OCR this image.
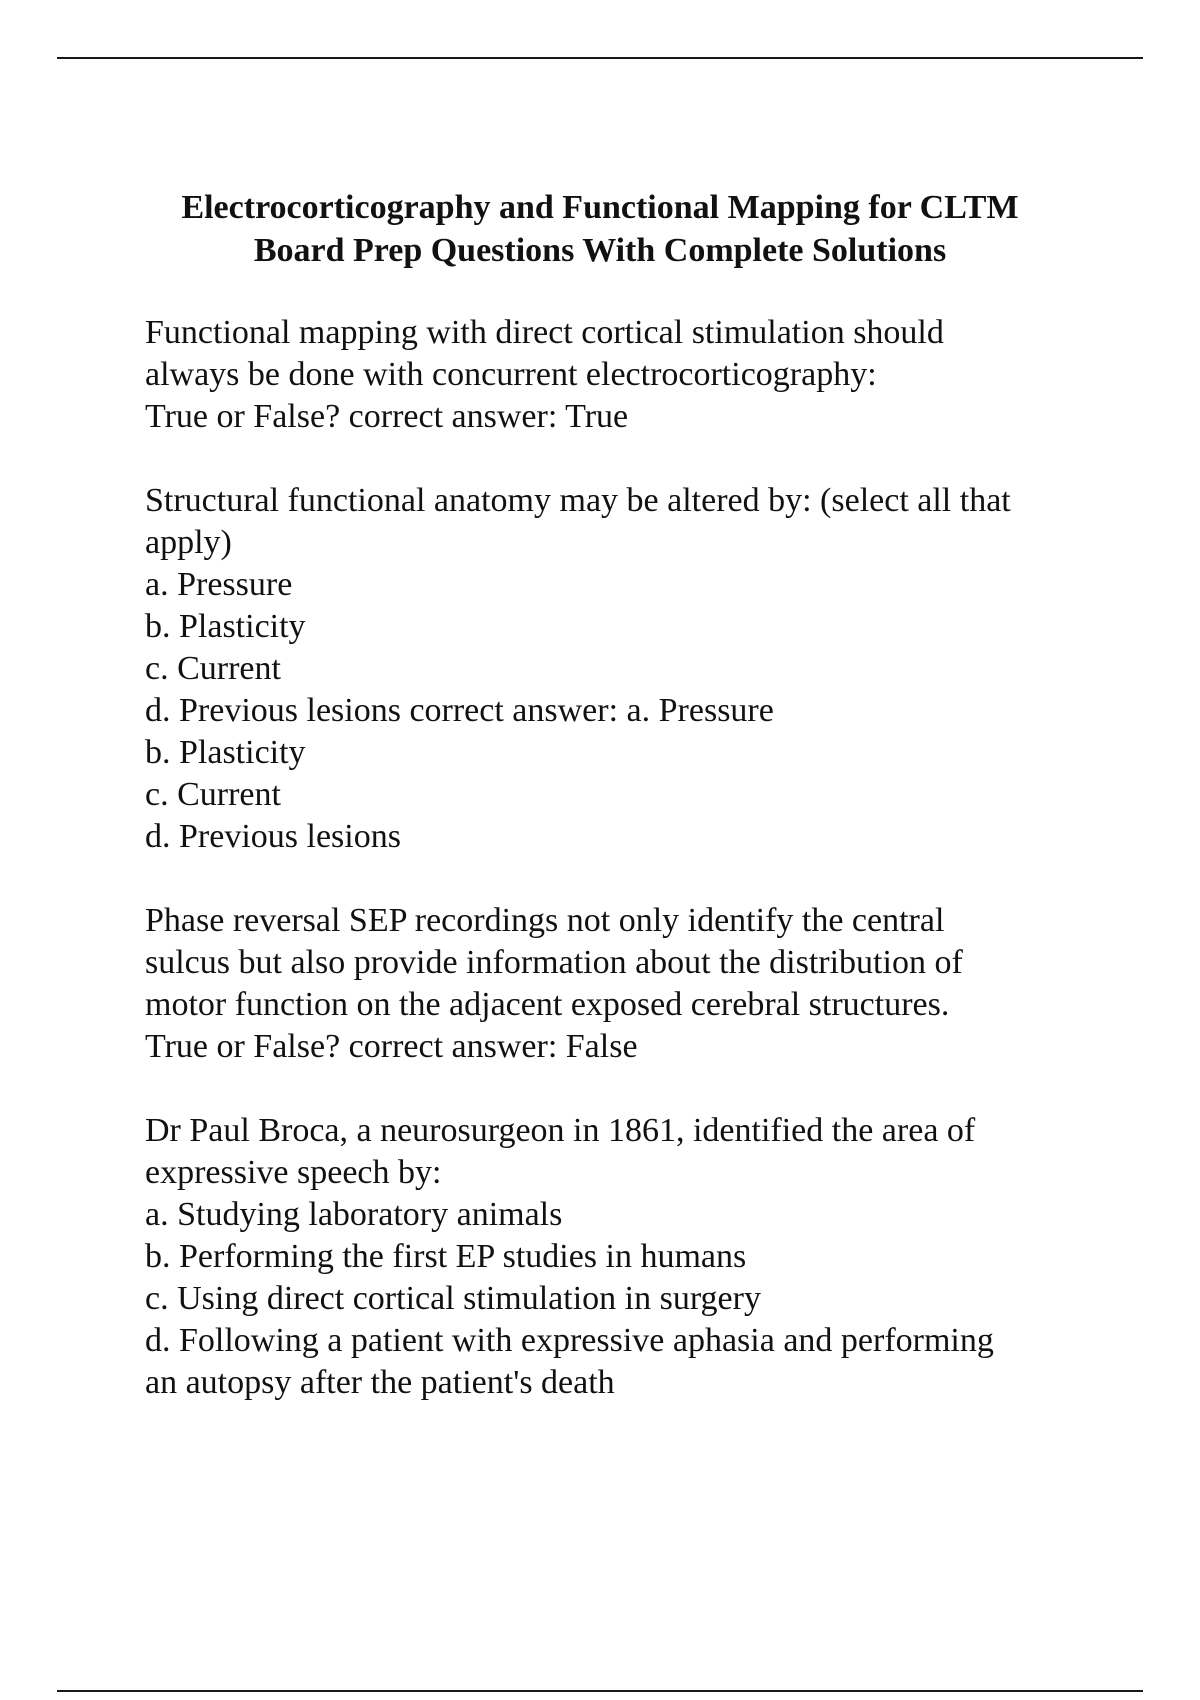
Electrocorticography and Functional Mapping for CLTM
Board Prep Questions With Complete Solutions
Functional mapping with direct cortical stimulation should
always be done with concurrent electrocorticography:
True or False? correct answer: True
Structural functional anatomy may be altered by: (select all that
apply)
a. Pressure
b. Plasticity
c. Current
d. Previous lesions correct answer: a. Pressure
b. Plasticity
c. Current
d. Previous lesions
Phase reversal SEP recordings not only identify the central
sulcus but also provide information about the distribution of
motor function on the adjacent exposed cerebral structures.
True or False? correct answer: False
Dr Paul Broca, a neurosurgeon in 1861, identified the area of
expressive speech by:
a. Studying laboratory animals
b. Performing the first EP studies in humans
c. Using direct cortical stimulation in surgery
d. Following a patient with expressive aphasia and performing
an autopsy after the patient's death
